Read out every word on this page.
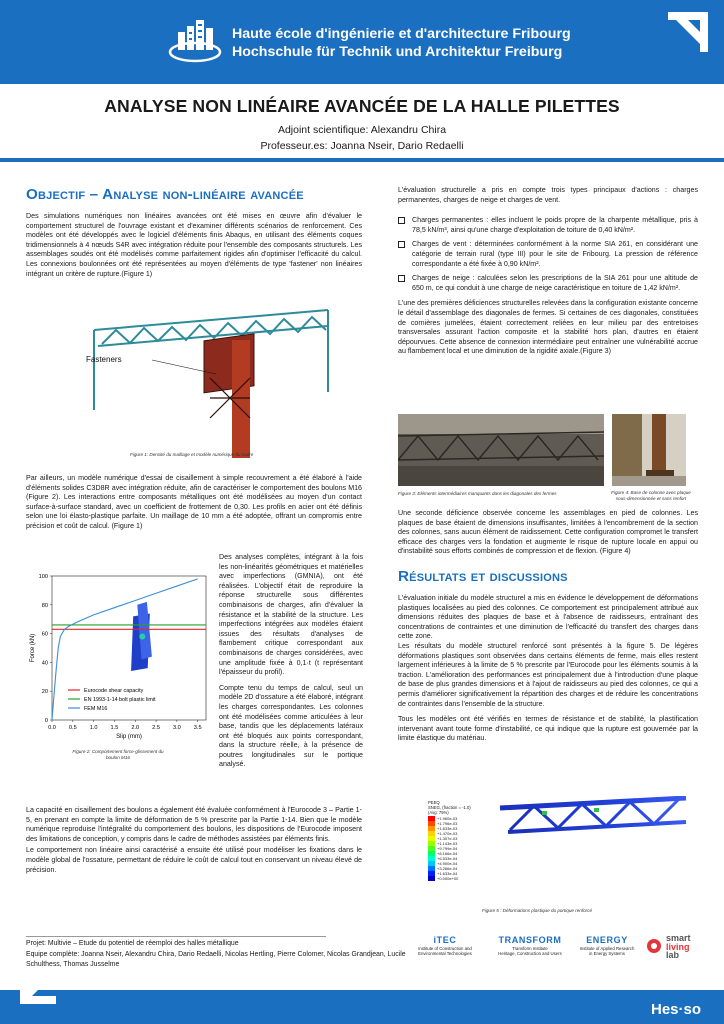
Haute école d'ingénierie et d'architecture Fribourg
Hochschule für Technik und Architektur Freiburg
ANALYSE NON LINÉAIRE AVANCÉE DE LA HALLE PILETTES
Adjoint scientifique: Alexandru Chira
Professeur.es: Joanna Nseir, Dario Redaelli
Objectif – Analyse non-linéaire avancée

Des simulations numériques non linéaires avancées ont été mises en œuvre afin d'évaluer le comportement structurel de l'ouvrage existant et d'examiner différents scénarios de renforcement. Ces modèles ont été développés avec le logiciel d'éléments finis Abaqus, en utilisant des éléments coques tridimensionnels à 4 nœuds S4R avec intégration réduite pour l'ensemble des composants structurels. Les assemblages soudés ont été modélisés comme parfaitement rigides afin d'optimiser l'efficacité du calcul. Les connexions boulonnées ont été représentées au moyen d'éléments de type 'fastener' non linéaires intégrant un critère de rupture.(Figure 1)

Fasteners
Figure 1: Densité du maillage et modèle numérique du cadre

Par ailleurs, un modèle numérique d'essai de cisaillement à simple recouvrement a été élaboré à l'aide d'éléments solides C3D8R avec intégration réduite, afin de caractériser le comportement des boulons M16 (Figure 2). Les interactions entre composants métalliques ont été modélisées au moyen d'un contact surface-à-surface standard, avec un coefficient de frottement de 0,30. Les profils en acier ont été définis selon une loi élasto-plastique parfaite. Un maillage de 10 mm a été adoptée, offrant un compromis entre précision et coût de calcul. (Figure 1)

0
20
40
60
80
100
0.0 0.5 1.0 1.5 2.0 2.5 3.0 3.5
Slip (mm)
Force (kN)
Eurocode shear capacity
EN 1993-1-14 bolt plastic limit
FEM M16
Figure 2: Comportement force-glissement du
boulon M16

Des analyses complètes, intégrant à la fois les non-linéarités géométriques et matérielles avec imperfections (GMNIA), ont été réalisées. L'objectif était de reproduire la réponse structurelle sous différentes combinaisons de charges, afin d'évaluer la résistance et la stabilité de la structure. Les imperfections intégrées aux modèles étaient issues des résultats d'analyses de flambement critique correspondant aux combinaisons de charges considérées, avec une amplitude fixée à 0,1·t (t représentant l'épaisseur du profil).

Compte tenu du temps de calcul, seul un modèle 2D d'ossature a été élaboré, intégrant les charges correspondantes. Les colonnes ont été modélisées comme articulées à leur base, tandis que les déplacements latéraux ont été bloqués aux points correspondant, dans la structure réelle, à la présence de poutres longitudinales sur le portique analysé.

La capacité en cisaillement des boulons a également été évaluée conformément à l'Eurocode 3 – Partie 1-5, en prenant en compte la limite de déformation de 5 % prescrite par la Partie 1-14. Bien que le modèle numérique reproduise l'intégralité du comportement des boulons, les dispositions de l'Eurocode imposent des limitations de conception, y compris dans le cadre de méthodes assistées par éléments finis.

Le comportement non linéaire ainsi caractérisé a ensuite été utilisé pour modéliser les fixations dans le modèle global de l'ossature, permettant de réduire le coût de calcul tout en conservant un niveau élevé de précision.

L'évaluation structurelle a pris en compte trois types principaux d'actions : charges permanentes, charges de neige et charges de vent.

Charges permanentes : elles incluent le poids propre de la charpente métallique, pris à 78,5 kN/m³, ainsi qu'une charge d'exploitation de toiture de 0,40 kN/m².
Charges de vent : déterminées conformément à la norme SIA 261, en considérant une catégorie de terrain rural (type III) pour le site de Fribourg. La pression de référence correspondante a été fixée à 0,90 kN/m².
Charges de neige : calculées selon les prescriptions de la SIA 261 pour une altitude de 650 m, ce qui conduit à une charge de neige caractéristique en toiture de 1,42 kN/m².

L'une des premières déficiences structurelles relevées dans la configuration existante concerne le détail d'assemblage des diagonales de fermes. Si certaines de ces diagonales, constituées de cornières jumelées, étaient correctement reliées en leur milieu par des entretoises transversales assurant l'action composite et la stabilité hors plan, d'autres en étaient dépourvues. Cette absence de connexion intermédiaire peut entraîner une vulnérabilité accrue au flambement local et une diminution de la rigidité axiale.(Figure 3)

Figure 3: Eléments intermédiaires manquants dans les diagonales des fermes	Figure 4: Base de colonne avec plaque
sous-dimensionnée et sans renfort

Une seconde déficience observée concerne les assemblages en pied de colonnes. Les plaques de base étaient de dimensions insuffisantes, limitées à l'encombrement de la section des colonnes, sans aucun élément de raidissement. Cette configuration compromet le transfert efficace des charges vers la fondation et augmente le risque de rupture locale en appui ou d'instabilité sous efforts combinés de compression et de flexion. (Figure 4)

Résultats et discussions

L'évaluation initiale du modèle structurel a mis en évidence le développement de déformations plastiques localisées au pied des colonnes. Ce comportement est principalement attribué aux dimensions réduites des plaques de base et à l'absence de raidisseurs, entraînant des concentrations de contraintes et une diminution de l'efficacité du transfert des charges dans cette zone.

Les résultats du modèle structurel renforcé sont présentés à la figure 5. De légères déformations plastiques sont observées dans certains éléments de ferme, mais elles restent largement inférieures à la limite de 5 % prescrite par l'Eurocode pour les éléments soumis à la traction. L'amélioration des performances est principalement due à l'introduction d'une plaque de base de plus grandes dimensions et à l'ajout de raidisseurs au pied des colonnes, ce qui a permis d'améliorer significativement la répartition des charges et de réduire les concentrations de contraintes dans l'ensemble de la structure.

Tous les modèles ont été vérifiés en termes de résistance et de stabilité, la plastification intervenant avant toute forme d'instabilité, ce qui indique que la rupture est gouvernée par la limite élastique du matériau.

PEEQ
SNEG, (fraction = -1.0)
(Avg: 75%)
+1.960e-03
+1.796e-03
+1.633e-03
+1.470e-03
+1.307e-03
+1.143e-03
+9.799e-04
+8.166e-04
+6.533e-04
+4.900e-04
+3.266e-04
+1.633e-04
+0.000e+00
Figure 5 : Déformations plastique du portique renforcé
Projet: Multivie – Etude du potentiel de réemploi des halles métallique
Equipe complète: Joanna Nseir, Alexandru Chira, Dario Redaelli, Nicolas Hertling, Pierre Colomer, Nicolas Grandjean, Lucile Schulthess, Thomas Jusselme
iTEC
Institute of Construction and
Environmental Technologies
TRANSFORM
Transform Institute
Heritage, Construction and Users
ENERGY
Institute of Applied Research
in Energy Systems
smart
living
lab
Hes·so
